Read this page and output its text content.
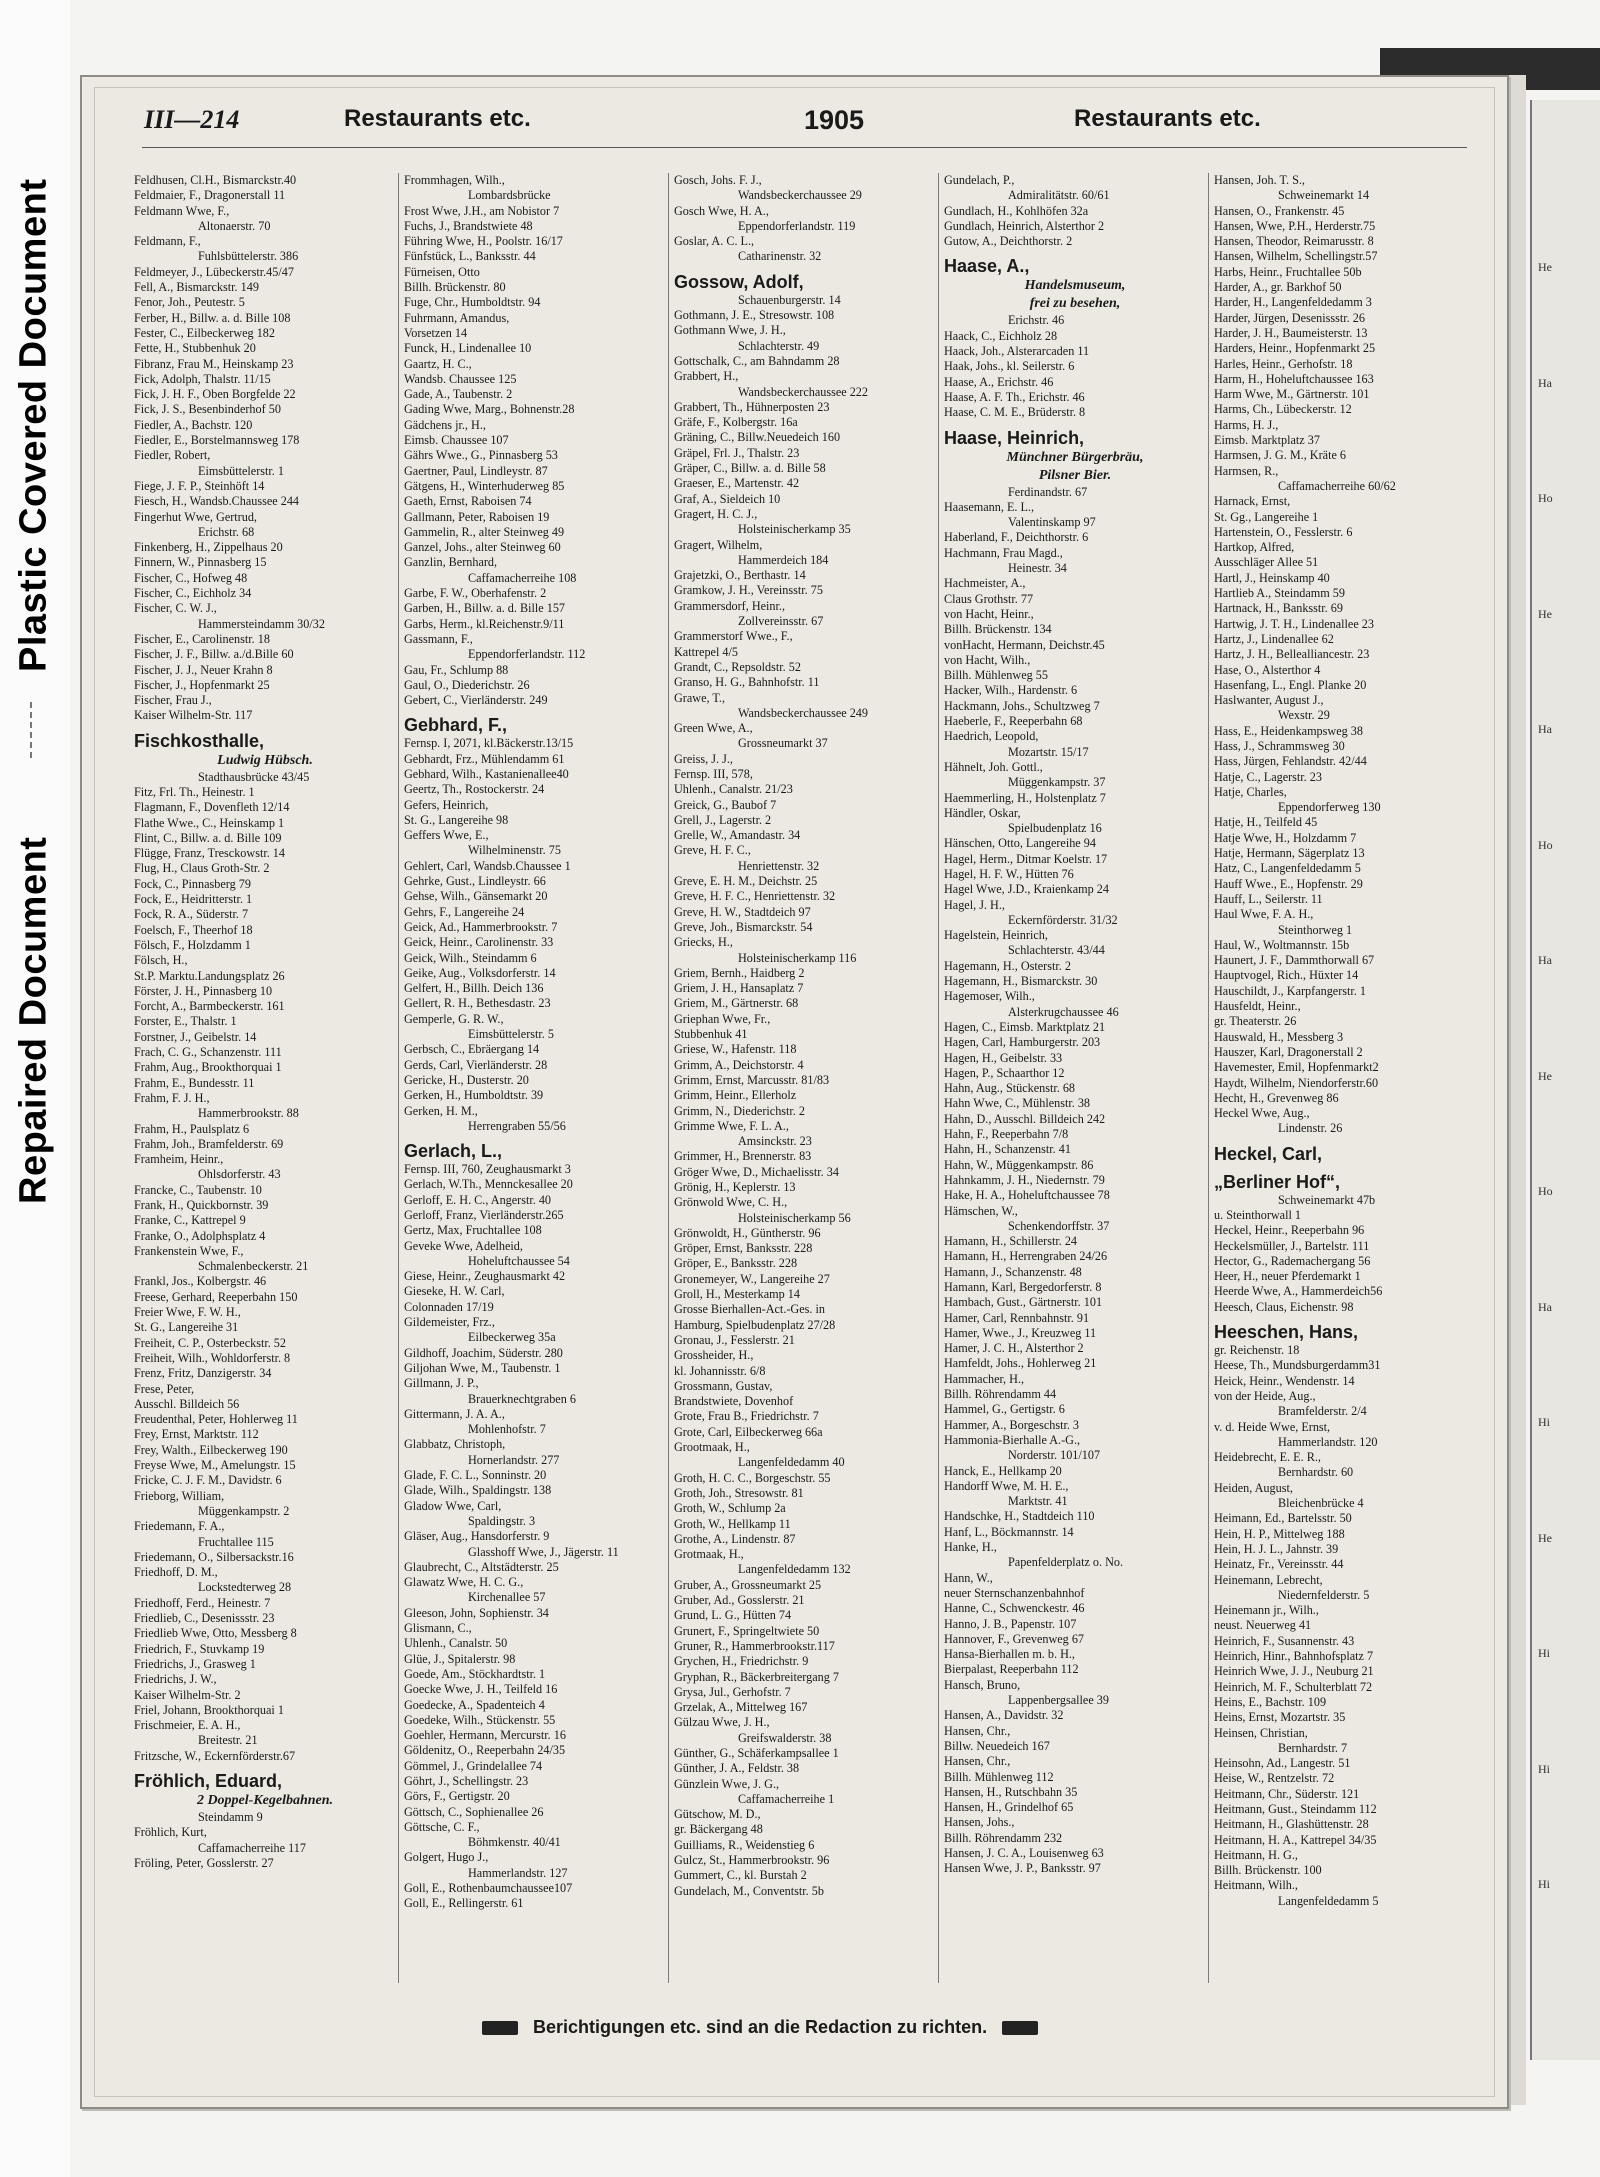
Plastic Covered Document
Repaired Document
He
Ha
Ho
He
Ha
Ho
Ha
He
Ho
Ha
Hi
He
Hi
Hi
Hi
III—214	Restaurants etc.	1905	Restaurants etc.
Feldhusen, Cl.H., Bismarckstr.40
Feldmaier, F., Dragonerstall 11
Feldmann Wwe, F.,
Altonaerstr. 70
Feldmann, F.,
Fuhlsbüttelerstr. 386
Feldmeyer, J., Lübeckerstr.45/47
Fell, A., Bismarckstr. 149
Fenor, Joh., Peutestr. 5
Ferber, H., Billw. a. d. Bille 108
Fester, C., Eilbeckerweg 182
Fette, H., Stubbenhuk 20
Fibranz, Frau M., Heinskamp 23
Fick, Adolph, Thalstr. 11/15
Fick, J. H. F., Oben Borgfelde 22
Fick, J. S., Besenbinderhof 50
Fiedler, A., Bachstr. 120
Fiedler, E., Borstelmannsweg 178
Fiedler, Robert,
Eimsbüttelerstr. 1
Fiege, J. F. P., Steinhöft 14
Fiesch, H., Wandsb.Chaussee 244
Fingerhut Wwe, Gertrud,
Erichstr. 68
Finkenberg, H., Zippelhaus 20
Finnern, W., Pinnasberg 15
Fischer, C., Hofweg 48
Fischer, C., Eichholz 34
Fischer, C. W. J.,
Hammersteindamm 30/32
Fischer, E., Carolinenstr. 18
Fischer, J. F., Billw. a./d.Bille 60
Fischer, J. J., Neuer Krahn 8
Fischer, J., Hopfenmarkt 25
Fischer, Frau J.,
Kaiser Wilhelm-Str. 117
Fischkosthalle,
Ludwig Hübsch.
Stadthausbrücke 43/45
Fitz, Frl. Th., Heinestr. 1
Flagmann, F., Dovenfleth 12/14
Flathe Wwe., C., Heinskamp 1
Flint, C., Billw. a. d. Bille 109
Flügge, Franz, Tresckowstr. 14
Flug, H., Claus Groth-Str. 2
Fock, C., Pinnasberg 79
Fock, E., Heidritterstr. 1
Fock, R. A., Süderstr. 7
Foelsch, F., Theerhof 18
Fölsch, F., Holzdamm 1
Fölsch, H.,
St.P. Marktu.Landungsplatz 26
Förster, J. H., Pinnasberg 10
Forcht, A., Barmbeckerstr. 161
Forster, E., Thalstr. 1
Forstner, J., Geibelstr. 14
Frach, C. G., Schanzenstr. 111
Frahm, Aug., Brookthorquai 1
Frahm, E., Bundesstr. 11
Frahm, F. J. H.,
Hammerbrookstr. 88
Frahm, H., Paulsplatz 6
Frahm, Joh., Bramfelderstr. 69
Framheim, Heinr.,
Ohlsdorferstr. 43
Francke, C., Taubenstr. 10
Frank, H., Quickbornstr. 39
Franke, C., Kattrepel 9
Franke, O., Adolphsplatz 4
Frankenstein Wwe, F.,
Schmalenbeckerstr. 21
Frankl, Jos., Kolbergstr. 46
Freese, Gerhard, Reeperbahn 150
Freier Wwe, F. W. H.,
St. G., Langereihe 31
Freiheit, C. P., Osterbeckstr. 52
Freiheit, Wilh., Wohldorferstr. 8
Frenz, Fritz, Danzigerstr. 34
Frese, Peter,
Ausschl. Billdeich 56
Freudenthal, Peter, Hohlerweg 11
Frey, Ernst, Marktstr. 112
Frey, Walth., Eilbeckerweg 190
Freyse Wwe, M., Amelungstr. 15
Fricke, C. J. F. M., Davidstr. 6
Frieborg, William,
Müggenkampstr. 2
Friedemann, F. A.,
Fruchtallee 115
Friedemann, O., Silbersackstr.16
Friedhoff, D. M.,
Lockstedterweg 28
Friedhoff, Ferd., Heinestr. 7
Friedlieb, C., Desenissstr. 23
Friedlieb Wwe, Otto, Messberg 8
Friedrich, F., Stuvkamp 19
Friedrichs, J., Grasweg 1
Friedrichs, J. W.,
Kaiser Wilhelm-Str. 2
Friel, Johann, Brookthorquai 1
Frischmeier, E. A. H.,
Breitestr. 21
Fritzsche, W., Eckernförderstr.67
Fröhlich, Eduard,
2 Doppel-Kegelbahnen.
Steindamm 9
Fröhlich, Kurt,
Caffamacherreihe 117
Fröling, Peter, Gosslerstr. 27
Frommhagen, Wilh.,
Lombardsbrücke
Frost Wwe, J.H., am Nobistor 7
Fuchs, J., Brandstwiete 48
Führing Wwe, H., Poolstr. 16/17
Fünfstück, L., Banksstr. 44
Fürneisen, Otto
Billh. Brückenstr. 80
Fuge, Chr., Humboldtstr. 94
Fuhrmann, Amandus,
Vorsetzen 14
Funck, H., Lindenallee 10
Gaartz, H. C.,
Wandsb. Chaussee 125
Gade, A., Taubenstr. 2
Gading Wwe, Marg., Bohnenstr.28
Gädchens jr., H.,
Eimsb. Chaussee 107
Gährs Wwe., G., Pinnasberg 53
Gaertner, Paul, Lindleystr. 87
Gätgens, H., Winterhuderweg 85
Gaeth, Ernst, Raboisen 74
Gallmann, Peter, Raboisen 19
Gammelin, R., alter Steinweg 49
Ganzel, Johs., alter Steinweg 60
Ganzlin, Bernhard,
Caffamacherreihe 108
Garbe, F. W., Oberhafenstr. 2
Garben, H., Billw. a. d. Bille 157
Garbs, Herm., kl.Reichenstr.9/11
Gassmann, F.,
Eppendorferlandstr. 112
Gau, Fr., Schlump 88
Gaul, O., Diederichstr. 26
Gebert, C., Vierländerstr. 249
Gebhard, F.,
Fernsp. I, 2071, kl.Bäckerstr.13/15
Gebhardt, Frz., Mühlendamm 61
Gebhard, Wilh., Kastanienallee40
Geertz, Th., Rostockerstr. 24
Gefers, Heinrich,
St. G., Langereihe 98
Geffers Wwe, E.,
Wilhelminenstr. 75
Gehlert, Carl, Wandsb.Chaussee 1
Gehrke, Gust., Lindleystr. 66
Gehse, Wilh., Gänsemarkt 20
Gehrs, F., Langereihe 24
Geick, Ad., Hammerbrookstr. 7
Geick, Heinr., Carolinenstr. 33
Geick, Wilh., Steindamm 6
Geike, Aug., Volksdorferstr. 14
Gelfert, H., Billh. Deich 136
Gellert, R. H., Bethesdastr. 23
Gemperle, G. R. W.,
Eimsbüttelerstr. 5
Gerbsch, C., Ebräergang 14
Gerds, Carl, Vierländerstr. 28
Gericke, H., Dusterstr. 20
Gerken, H., Humboldtstr. 39
Gerken, H. M.,
Herrengraben 55/56
Gerlach, L.,
Fernsp. III, 760, Zeughausmarkt 3
Gerlach, W.Th., Mennckesallee 20
Gerloff, E. H. C., Angerstr. 40
Gerloff, Franz, Vierländerstr.265
Gertz, Max, Fruchtallee 108
Geveke Wwe, Adelheid,
Hoheluftchaussee 54
Giese, Heinr., Zeughausmarkt 42
Gieseke, H. W. Carl,
Colonnaden 17/19
Gildemeister, Frz.,
Eilbeckerweg 35a
Gildhoff, Joachim, Süderstr. 280
Giljohan Wwe, M., Taubenstr. 1
Gillmann, J. P.,
Brauerknechtgraben 6
Gittermann, J. A. A.,
Mohlenhofstr. 7
Glabbatz, Christoph,
Hornerlandstr. 277
Glade, F. C. L., Sonninstr. 20
Glade, Wilh., Spaldingstr. 138
Gladow Wwe, Carl,
Spaldingstr. 3
Gläser, Aug., Hansdorferstr. 9
Glasshoff Wwe, J., Jägerstr. 11
Glaubrecht, C., Altstädterstr. 25
Glawatz Wwe, H. C. G.,
Kirchenallee 57
Gleeson, John, Sophienstr. 34
Glismann, C.,
Uhlenh., Canalstr. 50
Glüe, J., Spitalerstr. 98
Goede, Am., Stöckhardtstr. 1
Goecke Wwe, J. H., Teilfeld 16
Goedecke, A., Spadenteich 4
Goedeke, Wilh., Stückenstr. 55
Goehler, Hermann, Mercurstr. 16
Göldenitz, O., Reeperbahn 24/35
Gömmel, J., Grindelallee 74
Göhrt, J., Schellingstr. 23
Görs, F., Gertigstr. 20
Göttsch, C., Sophienallee 26
Göttsche, C. F.,
Böhmkenstr. 40/41
Golgert, Hugo J.,
Hammerlandstr. 127
Goll, E., Rothenbaumchaussee107
Goll, E., Rellingerstr. 61
Gosch, Johs. F. J.,
Wandsbeckerchaussee 29
Gosch Wwe, H. A.,
Eppendorferlandstr. 119
Goslar, A. C. L.,
Catharinenstr. 32
Gossow, Adolf,
Schauenburgerstr. 14
Gothmann, J. E., Stresowstr. 108
Gothmann Wwe, J. H.,
Schlachterstr. 49
Gottschalk, C., am Bahndamm 28
Grabbert, H.,
Wandsbeckerchaussee 222
Grabbert, Th., Hühnerposten 23
Gräfe, F., Kolbergstr. 16a
Gräning, C., Billw.Neuedeich 160
Gräpel, Frl. J., Thalstr. 23
Gräper, C., Billw. a. d. Bille 58
Graeser, E., Martenstr. 42
Graf, A., Sieldeich 10
Gragert, H. C. J.,
Holsteinischerkamp 35
Gragert, Wilhelm,
Hammerdeich 184
Grajetzki, O., Berthastr. 14
Gramkow, J. H., Vereinsstr. 75
Grammersdorf, Heinr.,
Zollvereinsstr. 67
Grammerstorf Wwe., F.,
Kattrepel 4/5
Grandt, C., Repsoldstr. 52
Granso, H. G., Bahnhofstr. 11
Grawe, T.,
Wandsbeckerchaussee 249
Green Wwe, A.,
Grossneumarkt 37
Greiss, J. J.,
Fernsp. III, 578,
Uhlenh., Canalstr. 21/23
Greick, G., Baubof 7
Grell, J., Lagerstr. 2
Grelle, W., Amandastr. 34
Greve, H. F. C.,
Henriettenstr. 32
Greve, E. H. M., Deichstr. 25
Greve, H. F. C., Henriettenstr. 32
Greve, H. W., Stadtdeich 97
Greve, Joh., Bismarckstr. 54
Griecks, H.,
Holsteinischerkamp 116
Griem, Bernh., Haidberg 2
Griem, J. H., Hansaplatz 7
Griem, M., Gärtnerstr. 68
Griephan Wwe, Fr.,
Stubbenhuk 41
Griese, W., Hafenstr. 118
Grimm, A., Deichstorstr. 4
Grimm, Ernst, Marcusstr. 81/83
Grimm, Heinr., Ellerholz
Grimm, N., Diederichstr. 2
Grimme Wwe, F. L. A.,
Amsinckstr. 23
Grimmer, H., Brennerstr. 83
Gröger Wwe, D., Michaelisstr. 34
Grönig, H., Keplerstr. 13
Grönwold Wwe, C. H.,
Holsteinischerkamp 56
Grönwoldt, H., Güntherstr. 96
Gröper, Ernst, Banksstr. 228
Gröper, E., Banksstr. 228
Gronemeyer, W., Langereihe 27
Groll, H., Mesterkamp 14
Grosse Bierhallen-Act.-Ges. in
Hamburg, Spielbudenplatz 27/28
Gronau, J., Fesslerstr. 21
Grossheider, H.,
kl. Johannisstr. 6/8
Grossmann, Gustav,
Brandstwiete, Dovenhof
Grote, Frau B., Friedrichstr. 7
Grote, Carl, Eilbeckerweg 66a
Grootmaak, H.,
Langenfeldedamm 40
Groth, H. C. C., Borgeschstr. 55
Groth, Joh., Stresowstr. 81
Groth, W., Schlump 2a
Groth, W., Hellkamp 11
Grothe, A., Lindenstr. 87
Grotmaak, H.,
Langenfeldedamm 132
Gruber, A., Grossneumarkt 25
Gruber, Ad., Gosslerstr. 21
Grund, L. G., Hütten 74
Grunert, F., Springeltwiete 50
Gruner, R., Hammerbrookstr.117
Grychen, H., Friedrichstr. 9
Gryphan, R., Bäckerbreitergang 7
Grysa, Jul., Gerhofstr. 7
Grzelak, A., Mittelweg 167
Gülzau Wwe, J. H.,
Greifswalderstr. 38
Günther, G., Schäferkampsallee 1
Günther, J. A., Feldstr. 38
Günzlein Wwe, J. G.,
Caffamacherreihe 1
Gütschow, M. D.,
gr. Bäckergang 48
Guilliams, R., Weidenstieg 6
Gulcz, St., Hammerbrookstr. 96
Gummert, C., kl. Burstah 2
Gundelach, M., Conventstr. 5b
Gundelach, P.,
Admiralitätstr. 60/61
Gundlach, H., Kohlhöfen 32a
Gundlach, Heinrich, Alsterthor 2
Gutow, A., Deichthorstr. 2
Haase, A.,
Handelsmuseum,
frei zu besehen,
Erichstr. 46
Haack, C., Eichholz 28
Haack, Joh., Alsterarcaden 11
Haak, Johs., kl. Seilerstr. 6
Haase, A., Erichstr. 46
Haase, A. F. Th., Erichstr. 46
Haase, C. M. E., Brüderstr. 8
Haase, Heinrich,
Münchner Bürgerbräu,
Pilsner Bier.
Ferdinandstr. 67
Haasemann, E. L.,
Valentinskamp 97
Haberland, F., Deichthorstr. 6
Hachmann, Frau Magd.,
Heinestr. 34
Hachmeister, A.,
Claus Grothstr. 77
von Hacht, Heinr.,
Billh. Brückenstr. 134
vonHacht, Hermann, Deichstr.45
von Hacht, Wilh.,
Billh. Mühlenweg 55
Hacker, Wilh., Hardenstr. 6
Hackmann, Johs., Schultzweg 7
Haeberle, F., Reeperbahn 68
Haedrich, Leopold,
Mozartstr. 15/17
Hähnelt, Joh. Gottl.,
Müggenkampstr. 37
Haemmerling, H., Holstenplatz 7
Händler, Oskar,
Spielbudenplatz 16
Hänschen, Otto, Langereihe 94
Hagel, Herm., Ditmar Koelstr. 17
Hagel, H. F. W., Hütten 76
Hagel Wwe, J.D., Kraienkamp 24
Hagel, J. H.,
Eckernförderstr. 31/32
Hagelstein, Heinrich,
Schlachterstr. 43/44
Hagemann, H., Osterstr. 2
Hagemann, H., Bismarckstr. 30
Hagemoser, Wilh.,
Alsterkrugchaussee 46
Hagen, C., Eimsb. Marktplatz 21
Hagen, Carl, Hamburgerstr. 203
Hagen, H., Geibelstr. 33
Hagen, P., Schaarthor 12
Hahn, Aug., Stückenstr. 68
Hahn Wwe, C., Mühlenstr. 38
Hahn, D., Ausschl. Billdeich 242
Hahn, F., Reeperbahn 7/8
Hahn, H., Schanzenstr. 41
Hahn, W., Müggenkampstr. 86
Hahnkamm, J. H., Niedernstr. 79
Hake, H. A., Hoheluftchaussee 78
Hämschen, W.,
Schenkendorffstr. 37
Hamann, H., Schillerstr. 24
Hamann, H., Herrengraben 24/26
Hamann, J., Schanzenstr. 48
Hamann, Karl, Bergedorferstr. 8
Hambach, Gust., Gärtnerstr. 101
Hamer, Carl, Rennbahnstr. 91
Hamer, Wwe., J., Kreuzweg 11
Hamer, J. C. H., Alsterthor 2
Hamfeldt, Johs., Hohlerweg 21
Hammacher, H.,
Billh. Röhrendamm 44
Hammel, G., Gertigstr. 6
Hammer, A., Borgeschstr. 3
Hammonia-Bierhalle A.-G.,
Norderstr. 101/107
Hanck, E., Hellkamp 20
Handorff Wwe, M. H. E.,
Marktstr. 41
Handschke, H., Stadtdeich 110
Hanf, L., Böckmannstr. 14
Hanke, H.,
Papenfelderplatz o. No.
Hann, W.,
neuer Sternschanzenbahnhof
Hanne, C., Schwenckestr. 46
Hanno, J. B., Papenstr. 107
Hannover, F., Grevenweg 67
Hansa-Bierhallen m. b. H.,
Bierpalast, Reeperbahn 112
Hansch, Bruno,
Lappenbergsallee 39
Hansen, A., Davidstr. 32
Hansen, Chr.,
Billw. Neuedeich 167
Hansen, Chr.,
Billh. Mühlenweg 112
Hansen, H., Rutschbahn 35
Hansen, H., Grindelhof 65
Hansen, Johs.,
Billh. Röhrendamm 232
Hansen, J. C. A., Louisenweg 63
Hansen Wwe, J. P., Banksstr. 97
Hansen, Joh. T. S.,
Schweinemarkt 14
Hansen, O., Frankenstr. 45
Hansen, Wwe, P.H., Herderstr.75
Hansen, Theodor, Reimarusstr. 8
Hansen, Wilhelm, Schellingstr.57
Harbs, Heinr., Fruchtallee 50b
Harder, A., gr. Barkhof 50
Harder, H., Langenfeldedamm 3
Harder, Jürgen, Desenissstr. 26
Harder, J. H., Baumeisterstr. 13
Harders, Heinr., Hopfenmarkt 25
Harles, Heinr., Gerhofstr. 18
Harm, H., Hoheluftchaussee 163
Harm Wwe, M., Gärtnerstr. 101
Harms, Ch., Lübeckerstr. 12
Harms, H. J.,
Eimsb. Marktplatz 37
Harmsen, J. G. M., Kräte 6
Harmsen, R.,
Caffamacherreihe 60/62
Harnack, Ernst,
St. Gg., Langereihe 1
Hartenstein, O., Fesslerstr. 6
Hartkop, Alfred,
Ausschläger Allee 51
Hartl, J., Heinskamp 40
Hartlieb A., Steindamm 59
Hartnack, H., Banksstr. 69
Hartwig, J. T. H., Lindenallee 23
Hartz, J., Lindenallee 62
Hartz, J. H., Bellealliancestr. 23
Hase, O., Alsterthor 4
Hasenfang, L., Engl. Planke 20
Haslwanter, August J.,
Wexstr. 29
Hass, E., Heidenkampsweg 38
Hass, J., Schrammsweg 30
Hass, Jürgen, Fehlandstr. 42/44
Hatje, C., Lagerstr. 23
Hatje, Charles,
Eppendorferweg 130
Hatje, H., Teilfeld 45
Hatje Wwe, H., Holzdamm 7
Hatje, Hermann, Sägerplatz 13
Hatz, C., Langenfeldedamm 5
Hauff Wwe., E., Hopfenstr. 29
Hauff, L., Seilerstr. 11
Haul Wwe, F. A. H.,
Steinthorweg 1
Haul, W., Woltmannstr. 15b
Haunert, J. F., Dammthorwall 67
Hauptvogel, Rich., Hüxter 14
Hauschildt, J., Karpfangerstr. 1
Hausfeldt, Heinr.,
gr. Theaterstr. 26
Hauswald, H., Messberg 3
Hauszer, Karl, Dragonerstall 2
Havemester, Emil, Hopfenmarkt2
Haydt, Wilhelm, Niendorferstr.60
Hecht, H., Grevenweg 86
Heckel Wwe, Aug.,
Lindenstr. 26
Heckel, Carl,
„Berliner Hof“,
Schweinemarkt 47b
u. Steinthorwall 1
Heckel, Heinr., Reeperbahn 96
Heckelsmüller, J., Bartelstr. 111
Hector, G., Rademachergang 56
Heer, H., neuer Pferdemarkt 1
Heerde Wwe, A., Hammerdeich56
Heesch, Claus, Eichenstr. 98
Heeschen, Hans,
gr. Reichenstr. 18
Heese, Th., Mundsburgerdamm31
Heick, Heinr., Wendenstr. 14
von der Heide, Aug.,
Bramfelderstr. 2/4
v. d. Heide Wwe, Ernst,
Hammerlandstr. 120
Heidebrecht, E. E. R.,
Bernhardstr. 60
Heiden, August,
Bleichenbrücke 4
Heimann, Ed., Bartelsstr. 50
Hein, H. P., Mittelweg 188
Hein, H. J. L., Jahnstr. 39
Heinatz, Fr., Vereinsstr. 44
Heinemann, Lebrecht,
Niedernfelderstr. 5
Heinemann jr., Wilh.,
neust. Neuerweg 41
Heinrich, F., Susannenstr. 43
Heinrich, Hinr., Bahnhofsplatz 7
Heinrich Wwe, J. J., Neuburg 21
Heinrich, M. F., Schulterblatt 72
Heins, E., Bachstr. 109
Heins, Ernst, Mozartstr. 35
Heinsen, Christian,
Bernhardstr. 7
Heinsohn, Ad., Langestr. 51
Heise, W., Rentzelstr. 72
Heitmann, Chr., Süderstr. 121
Heitmann, Gust., Steindamm 112
Heitmann, H., Glashüttenstr. 28
Heitmann, H. A., Kattrepel 34/35
Heitmann, H. G.,
Billh. Brückenstr. 100
Heitmann, Wilh.,
Langenfeldedamm 5
Berichtigungen etc. sind an die Redaction zu richten.
